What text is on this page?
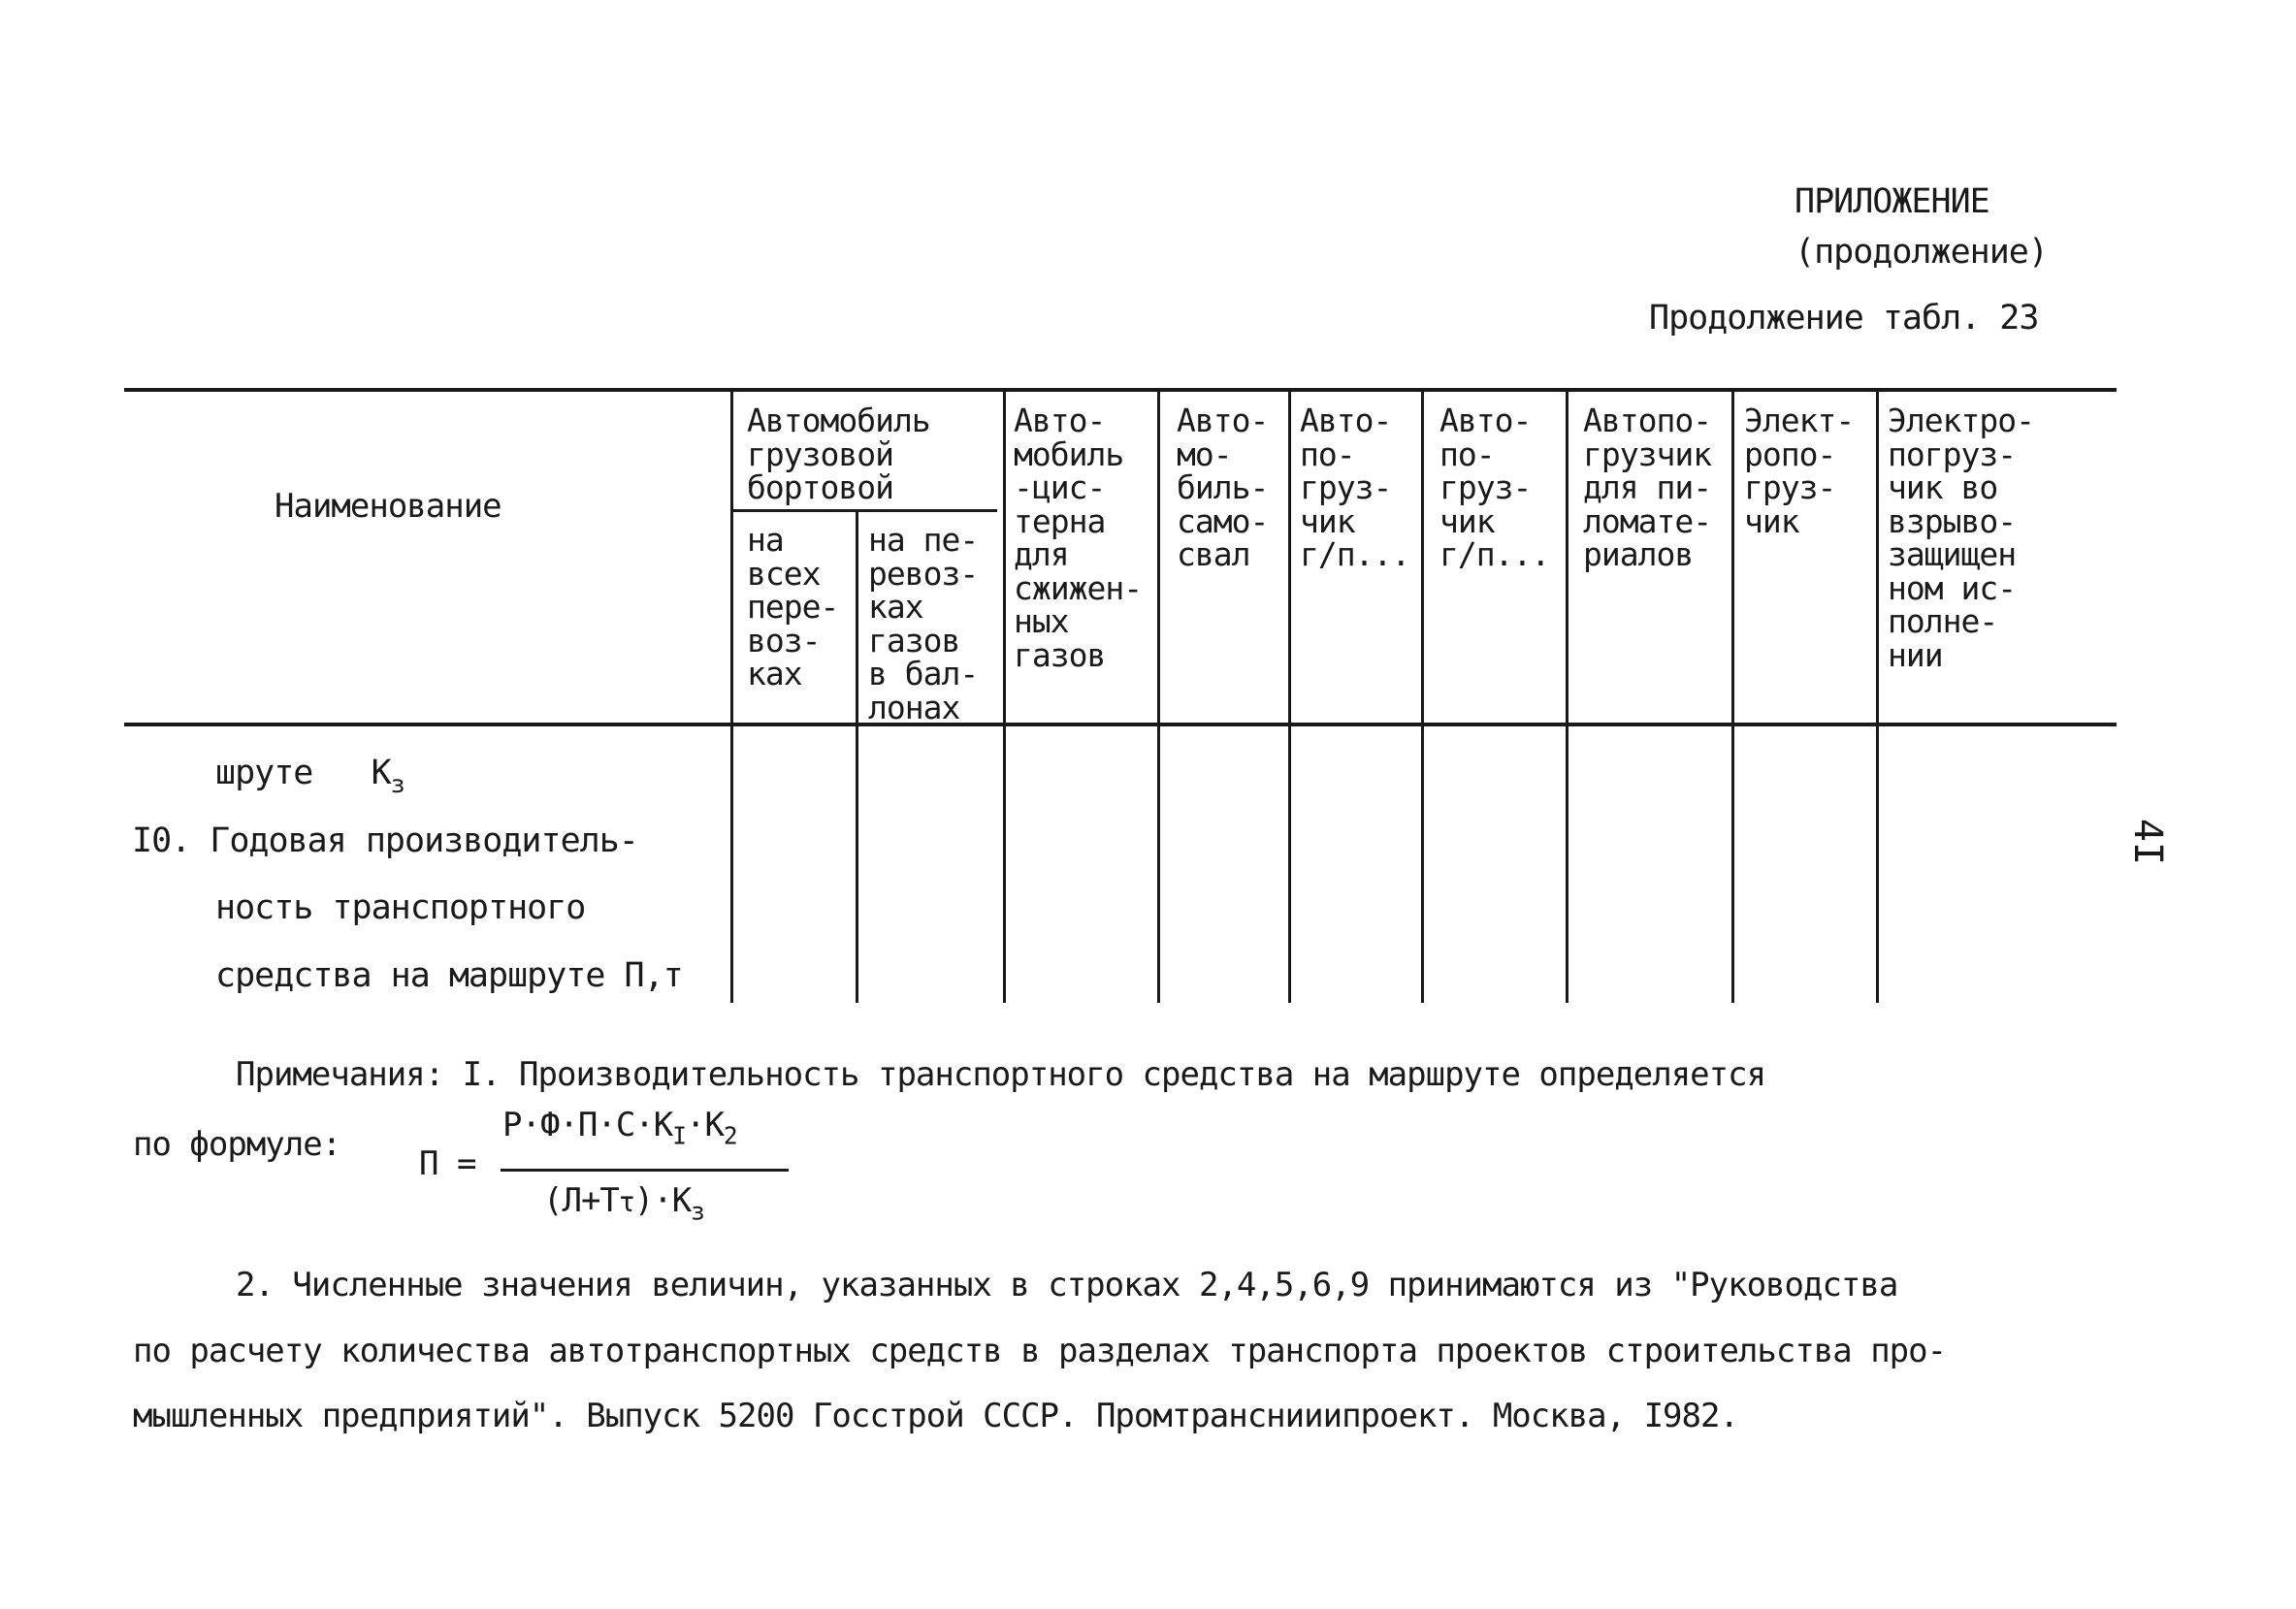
ПРИЛОЖЕНИЕ
(продолжение)
Продолжение табл. 23
Наименование
Автомобиль
грузовой
бортовой
на
всех
пере-
воз-
ках
на пе-
ревоз-
ках
газов
в бал-
лонах
Авто-
мобиль
-цис-
терна
для
сжижен-
ных
газов
Авто-
мо-
биль-
само-
свал
Авто-
по-
груз-
чик
г/п...
Авто-
по-
груз-
чик
г/п...
Автопо-
грузчик
для пи-
ломате-
риалов
Элект-
ропо-
груз-
чик
Электро-
погруз-
чик во
взрыво-
защищен
ном ис-
полне-
нии
шруте $К_з$
I0. Годовая производитель-
ность транспортного
средства на маршруте П,т
Примечания: I. Производительность транспортного средства на маршруте определяется
по формуле: П =
$Р\cdot Ф\cdot П\cdot С\cdot К_I\cdot К_2$
$(Л+Т\tau)\cdot К_з$
2. Численные значения величин, указанных в строках 2,4,5,6,9 принимаются из "Руководства
по расчету количества автотранспортных средств в разделах транспорта проектов строительства про-
мышленных предприятий". Выпуск 5200 Госстрой СССР. Промтранснииипроект. Москва, I982.
4I
